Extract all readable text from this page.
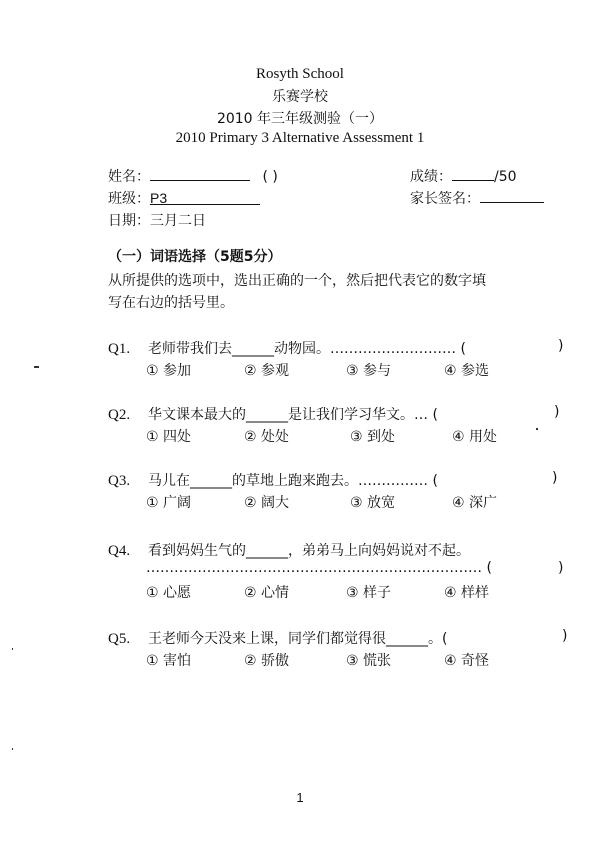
Rosyth School
乐赛学校
2010 年三年级测验（一）
2010 Primary 3 Alternative Assessment 1
姓名：	( )	成绩：	/50
班级：P3	家长签名：
日期：三月二日
（一）词语选择（5题5分）
从所提供的选项中，选出正确的一个，然后把代表它的数字填
写在右边的括号里。
Q1. 老师带我们去______动物园。……………………… (	)
① 参加	② 参观	③ 参与	④ 参选
Q2. 华文课本最大的______是让我们学习华文。… (	)
① 四处	② 处处	③ 到处	④ 用处
Q3. 马儿在______的草地上跑来跑去。…………… (	)
① 广阔	② 阔大	③ 放宽	④ 深广
Q4. 看到妈妈生气的______，弟弟马上向妈妈说对不起。
……………………………………………………………… (	)
① 心愿	② 心情	③ 样子	④ 样样
Q5. 王老师今天没来上课，同学们都觉得很______。(	)
① 害怕	② 骄傲	③ 慌张	④ 奇怪
1
